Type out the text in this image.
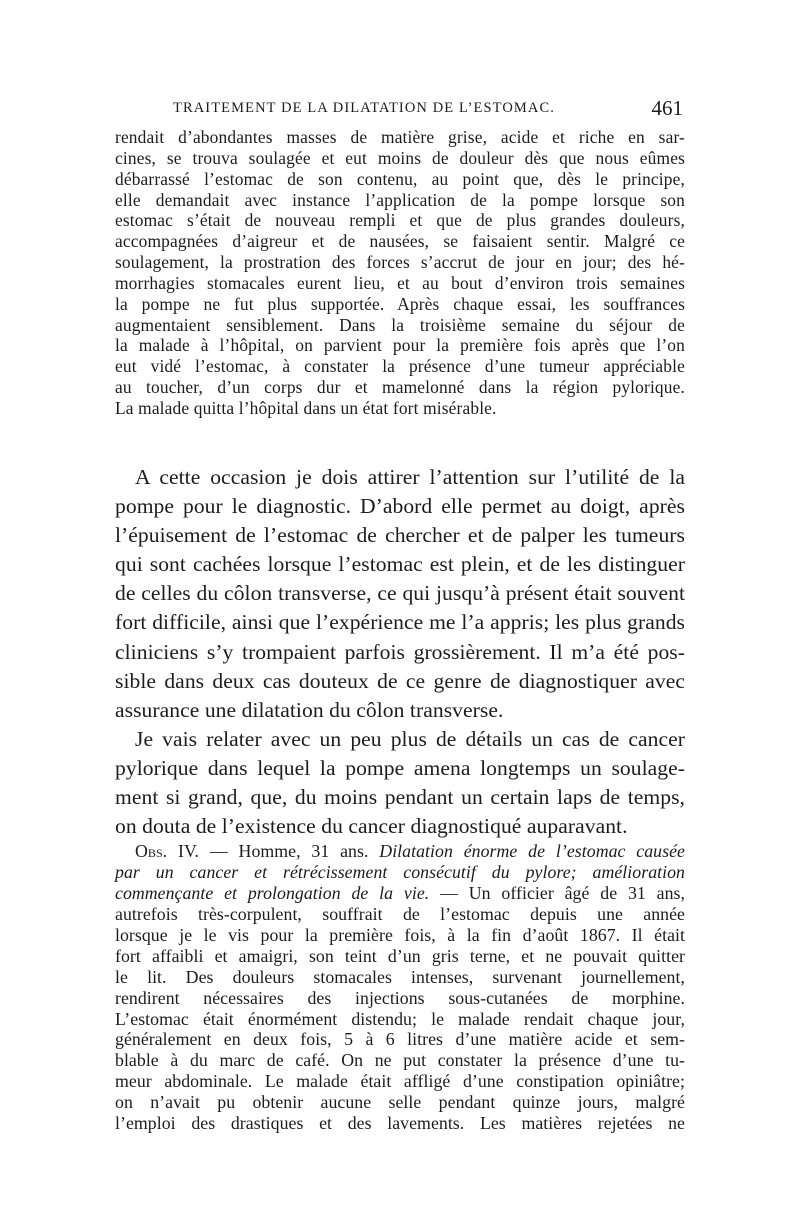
TRAITEMENT DE LA DILATATION DE L’ESTOMAC.	461
rendait d’abondantes masses de matière grise, acide et riche en sar-
cines, se trouva soulagée et eut moins de douleur dès que nous eûmes
débarrassé l’estomac de son contenu, au point que, dès le principe,
elle demandait avec instance l’application de la pompe lorsque son
estomac s’était de nouveau rempli et que de plus grandes douleurs,
accompagnées d’aigreur et de nausées, se faisaient sentir. Malgré ce
soulagement, la prostration des forces s’accrut de jour en jour; des hé-
morrhagies stomacales eurent lieu, et au bout d’environ trois semaines
la pompe ne fut plus supportée. Après chaque essai, les souffrances
augmentaient sensiblement. Dans la troisième semaine du séjour de
la malade à l’hôpital, on parvient pour la première fois après que l’on
eut vidé l’estomac, à constater la présence d’une tumeur appréciable
au toucher, d’un corps dur et mamelonné dans la région pylorique.
La malade quitta l’hôpital dans un état fort misérable.
A cette occasion je dois attirer l’attention sur l’utilité de la
pompe pour le diagnostic. D’abord elle permet au doigt, après
l’épuisement de l’estomac de chercher et de palper les tumeurs
qui sont cachées lorsque l’estomac est plein, et de les distinguer
de celles du côlon transverse, ce qui jusqu’à présent était souvent
fort difficile, ainsi que l’expérience me l’a appris; les plus grands
cliniciens s’y trompaient parfois grossièrement. Il m’a été pos-
sible dans deux cas douteux de ce genre de diagnostiquer avec
assurance une dilatation du côlon transverse.
Je vais relater avec un peu plus de détails un cas de cancer
pylorique dans lequel la pompe amena longtemps un soulage-
ment si grand, que, du moins pendant un certain laps de temps,
on douta de l’existence du cancer diagnostiqué auparavant.
Obs. IV. — Homme, 31 ans. Dilatation énorme de l’estomac causée
par un cancer et rétrécissement consécutif du pylore; amélioration
commençante et prolongation de la vie. — Un officier âgé de 31 ans,
autrefois très-corpulent, souffrait de l’estomac depuis une année
lorsque je le vis pour la première fois, à la fin d’août 1867. Il était
fort affaibli et amaigri, son teint d’un gris terne, et ne pouvait quitter
le lit. Des douleurs stomacales intenses, survenant journellement,
rendirent nécessaires des injections sous-cutanées de morphine.
L’estomac était énormément distendu; le malade rendait chaque jour,
généralement en deux fois, 5 à 6 litres d’une matière acide et sem-
blable à du marc de café. On ne put constater la présence d’une tu-
meur abdominale. Le malade était affligé d’une constipation opiniâtre;
on n’avait pu obtenir aucune selle pendant quinze jours, malgré
l’emploi des drastiques et des lavements. Les matières rejetées ne
